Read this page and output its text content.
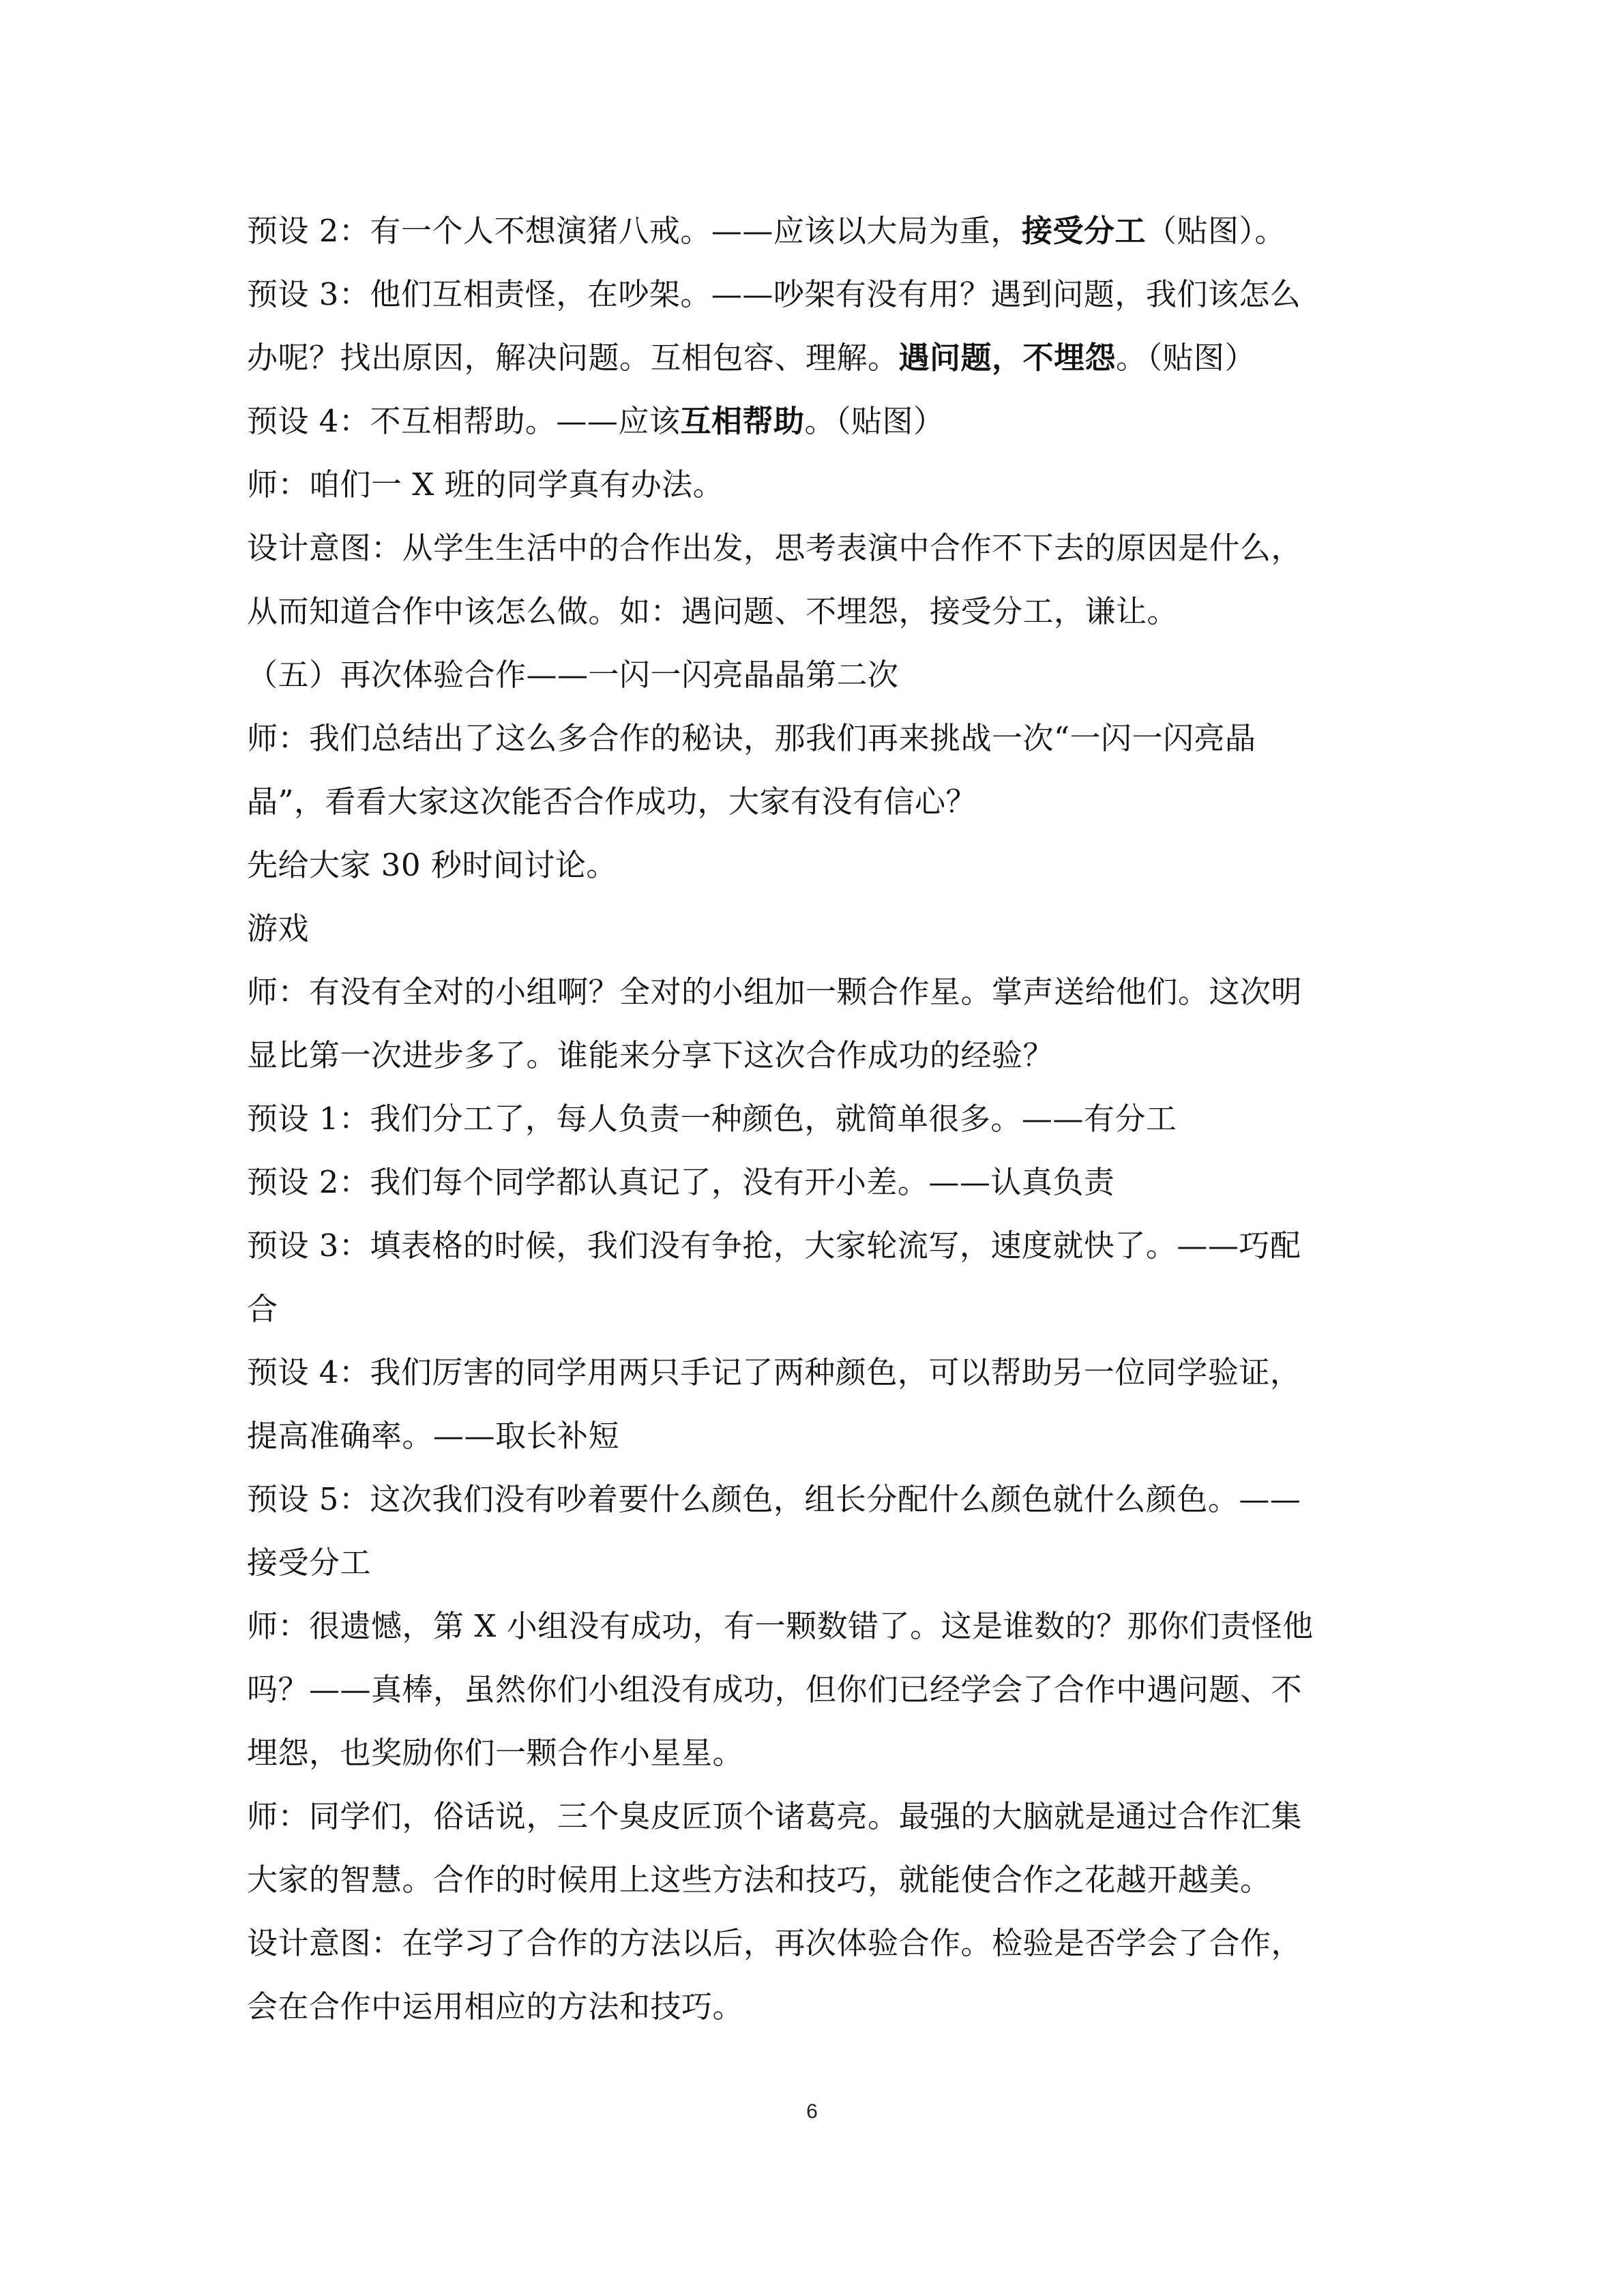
预设 2：有一个人不想演猪八戒。——应该以大局为重，接受分工（贴图）。
预设 3：他们互相责怪，在吵架。——吵架有没有用？遇到问题，我们该怎么
办呢？找出原因，解决问题。互相包容、理解。遇问题，不埋怨。（贴图）
预设 4：不互相帮助。——应该互相帮助。（贴图）
师：咱们一 X 班的同学真有办法。
设计意图：从学生生活中的合作出发，思考表演中合作不下去的原因是什么，
从而知道合作中该怎么做。如：遇问题、不埋怨，接受分工，谦让。
（五）再次体验合作——一闪一闪亮晶晶第二次
师：我们总结出了这么多合作的秘诀，那我们再来挑战一次“一闪一闪亮晶
晶”，看看大家这次能否合作成功，大家有没有信心？
先给大家 30 秒时间讨论。
游戏
师：有没有全对的小组啊？全对的小组加一颗合作星。掌声送给他们。这次明
显比第一次进步多了。谁能来分享下这次合作成功的经验？
预设 1：我们分工了，每人负责一种颜色，就简单很多。——有分工
预设 2：我们每个同学都认真记了，没有开小差。——认真负责
预设 3：填表格的时候，我们没有争抢，大家轮流写，速度就快了。——巧配
合
预设 4：我们厉害的同学用两只手记了两种颜色，可以帮助另一位同学验证，
提高准确率。——取长补短
预设 5：这次我们没有吵着要什么颜色，组长分配什么颜色就什么颜色。——
接受分工
师：很遗憾，第 X 小组没有成功，有一颗数错了。这是谁数的？那你们责怪他
吗？——真棒，虽然你们小组没有成功，但你们已经学会了合作中遇问题、不
埋怨，也奖励你们一颗合作小星星。
师：同学们，俗话说，三个臭皮匠顶个诸葛亮。最强的大脑就是通过合作汇集
大家的智慧。合作的时候用上这些方法和技巧，就能使合作之花越开越美。
设计意图：在学习了合作的方法以后，再次体验合作。检验是否学会了合作，
会在合作中运用相应的方法和技巧。
6
